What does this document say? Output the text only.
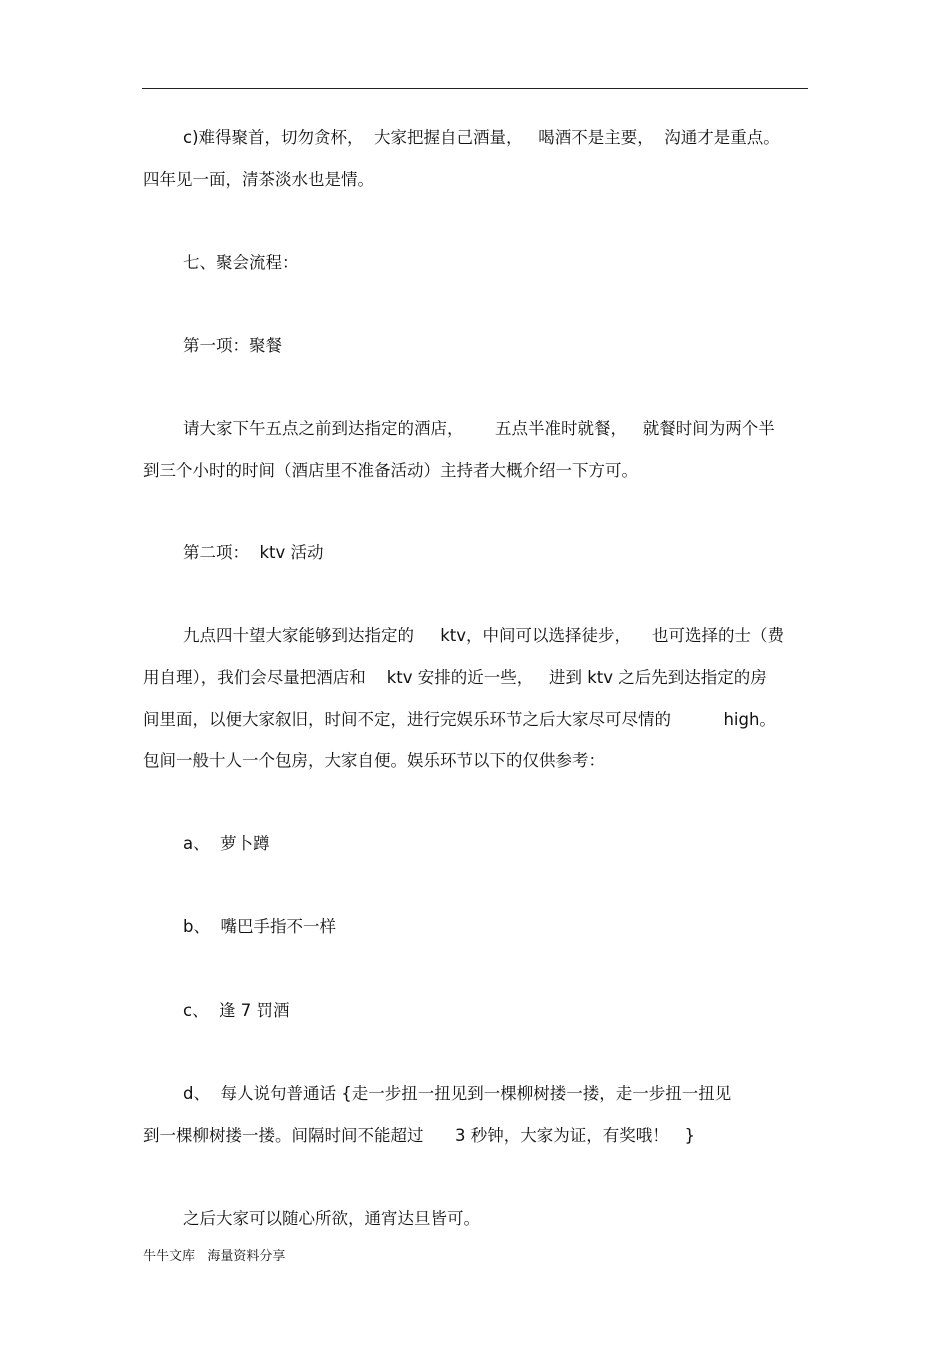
c)难得聚首，切勿贪杯，  大家把握自己酒量，   喝酒不是主要，  沟通才是重点。

四年见一面，清茶淡水也是情。

七、聚会流程：

第一项：聚餐

请大家下午五点之前到达指定的酒店，      五点半准时就餐，   就餐时间为两个半

到三个小时的时间（酒店里不准备活动）主持者大概介绍一下方可。

第二项：  ktv 活动

九点四十望大家能够到达指定的     ktv，中间可以选择徒步，    也可选择的士（费

用自理），我们会尽量把酒店和    ktv 安排的近一些，   进到 ktv 之后先到达指定的房

间里面，以便大家叙旧，时间不定，进行完娱乐环节之后大家尽可尽情的          high。

包间一般十人一个包房，大家自便。娱乐环节以下的仅供参考：

a、  萝卜蹲

b、  嘴巴手指不一样

c、  逢 7 罚酒

d、  每人说句普通话 {走一步扭一扭见到一棵柳树搂一搂，走一步扭一扭见

到一棵柳树搂一搂。间隔时间不能超过      3 秒钟，大家为证，有奖哦！   }

之后大家可以随心所欲，通宵达旦皆可。

牛牛文库   海量资料分享
